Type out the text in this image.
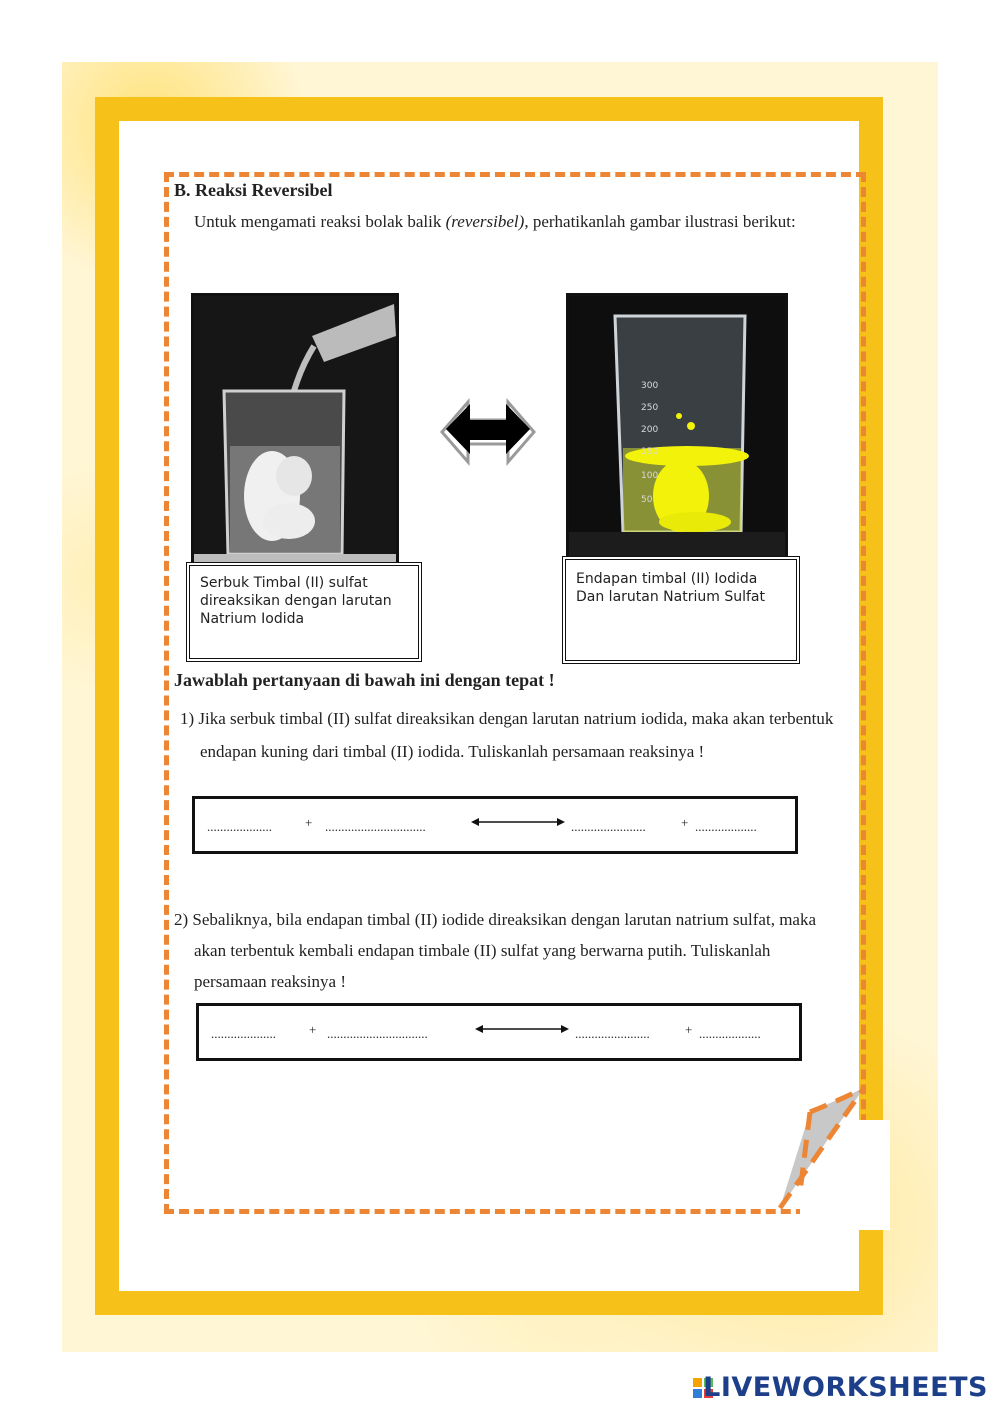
B. Reaksi Reversibel
Untuk mengamati reaksi bolak balik (reversibel), perhatikanlah gambar ilustrasi berikut:
300
250
200
150
100
50
Serbuk Timbal (II) sulfat
direaksikan dengan larutan
Natrium Iodida
Endapan timbal (II) Iodida
Dan larutan Natrium Sulfat
Jawablah pertanyaan di bawah ini dengan tepat !
1) Jika serbuk timbal (II) sulfat direaksikan dengan larutan natrium iodida, maka akan terbentuk
endapan kuning dari timbal (II) iodida. Tuliskanlah persamaan reaksinya !
....................	+ ...............................	.......................	+ ...................
2) Sebaliknya, bila endapan timbal (II) iodide direaksikan dengan larutan natrium sulfat, maka
akan terbentuk kembali endapan timbale (II) sulfat yang berwarna putih. Tuliskanlah
persamaan reaksinya !
....................	+ ...............................	.......................	+ ...................
LIVEWORKSHEETS
